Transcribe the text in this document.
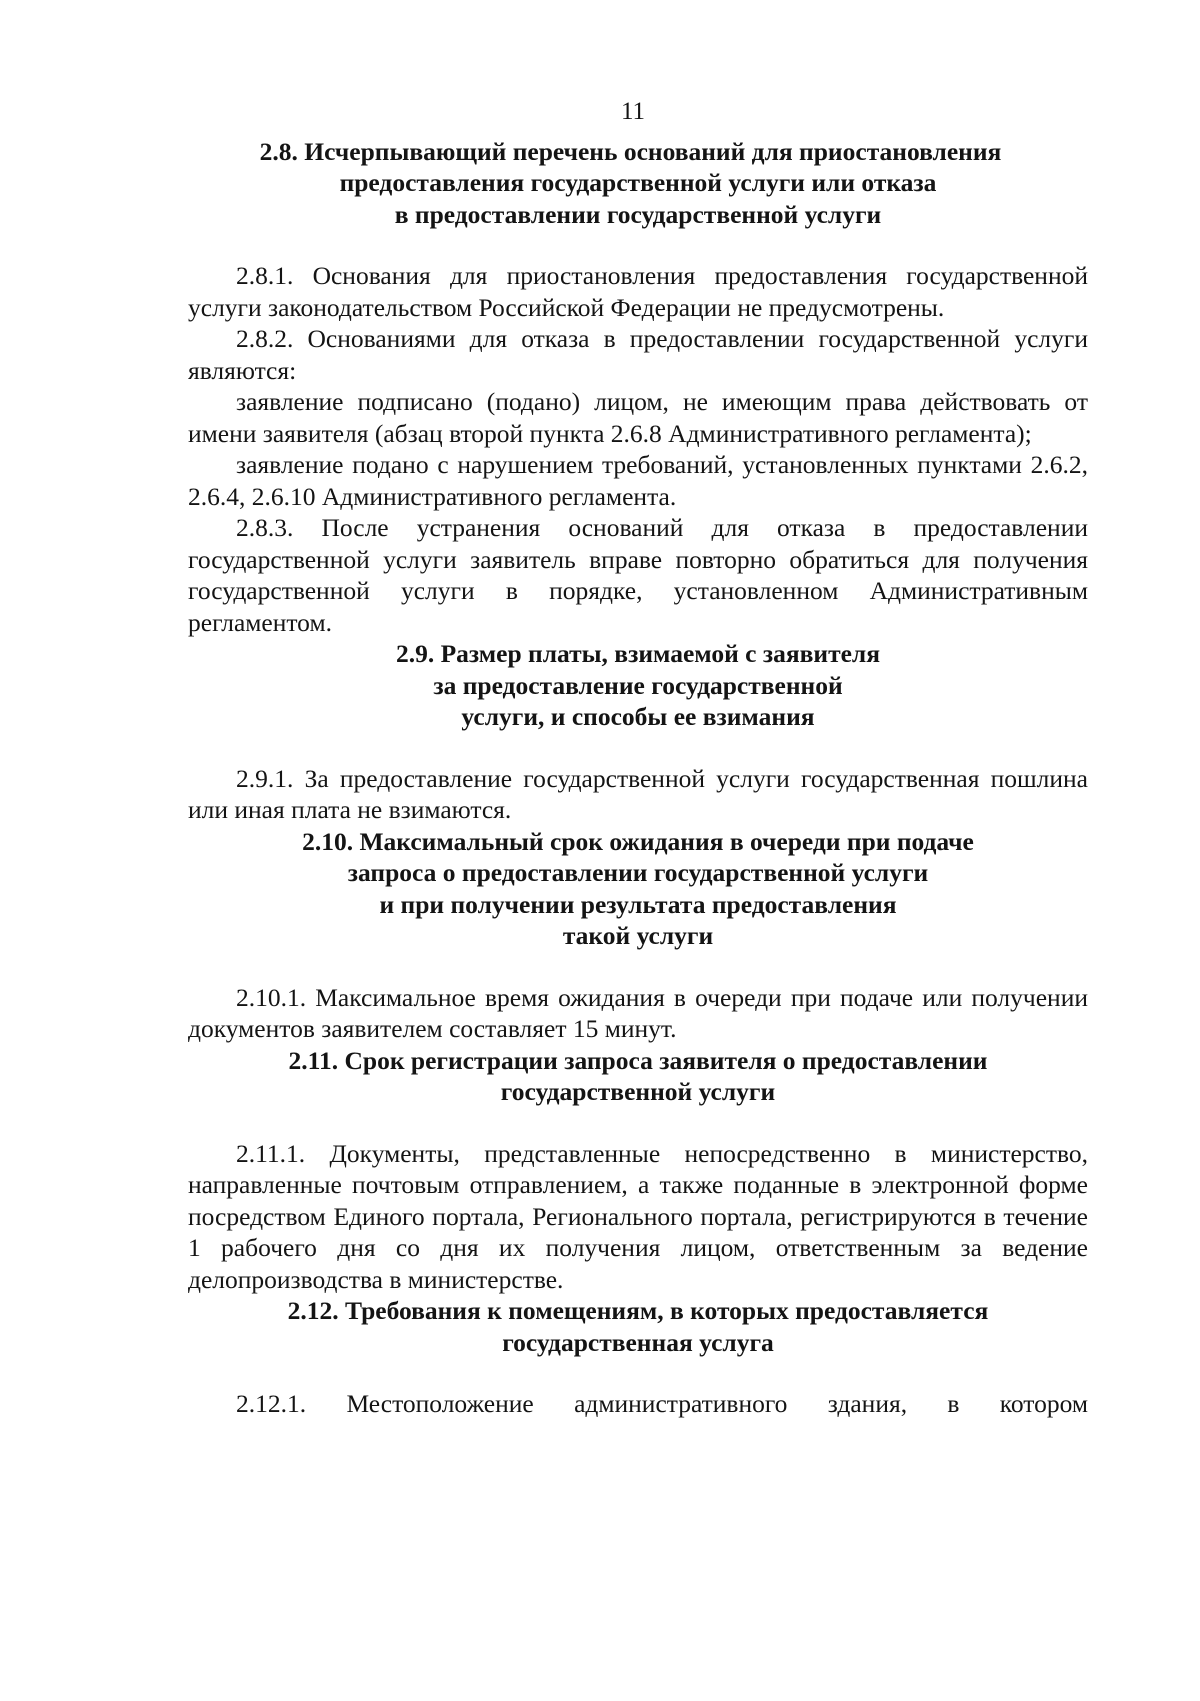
11
2.8. Исчерпывающий перечень оснований для приостановления
предоставления государственной услуги или отказа
в предоставлении государственной услуги

2.8.1. Основания для приостановления предоставления государственной услуги законодательством Российской Федерации не предусмотрены.

2.8.2. Основаниями для отказа в предоставлении государственной услуги являются:

заявление подписано (подано) лицом, не имеющим права действовать от имени заявителя (абзац второй пункта 2.6.8 Административного регламента);

заявление подано с нарушением требований, установленных пунктами 2.6.2, 2.6.4, 2.6.10 Административного регламента.

2.8.3. После устранения оснований для отказа в предоставлении государственной услуги заявитель вправе повторно обратиться для получения государственной услуги в порядке, установленном Административным регламентом.

2.9. Размер платы, взимаемой с заявителя
за предоставление государственной
услуги, и способы ее взимания

2.9.1. За предоставление государственной услуги государственная пошлина или иная плата не взимаются.

2.10. Максимальный срок ожидания в очереди при подаче
запроса о предоставлении государственной услуги
и при получении результата предоставления
такой услуги

2.10.1. Максимальное время ожидания в очереди при подаче или получении документов заявителем составляет 15 минут.

2.11. Срок регистрации запроса заявителя о предоставлении
государственной услуги

2.11.1. Документы, представленные непосредственно в министерство, направленные почтовым отправлением, а также поданные в электронной форме посредством Единого портала, Регионального портала, регистрируются в течение 1 рабочего дня со дня их получения лицом, ответственным за ведение делопроизводства в министерстве.

2.12. Требования к помещениям, в которых предоставляется
государственная услуга

2.12.1. Местоположение административного здания, в котором
